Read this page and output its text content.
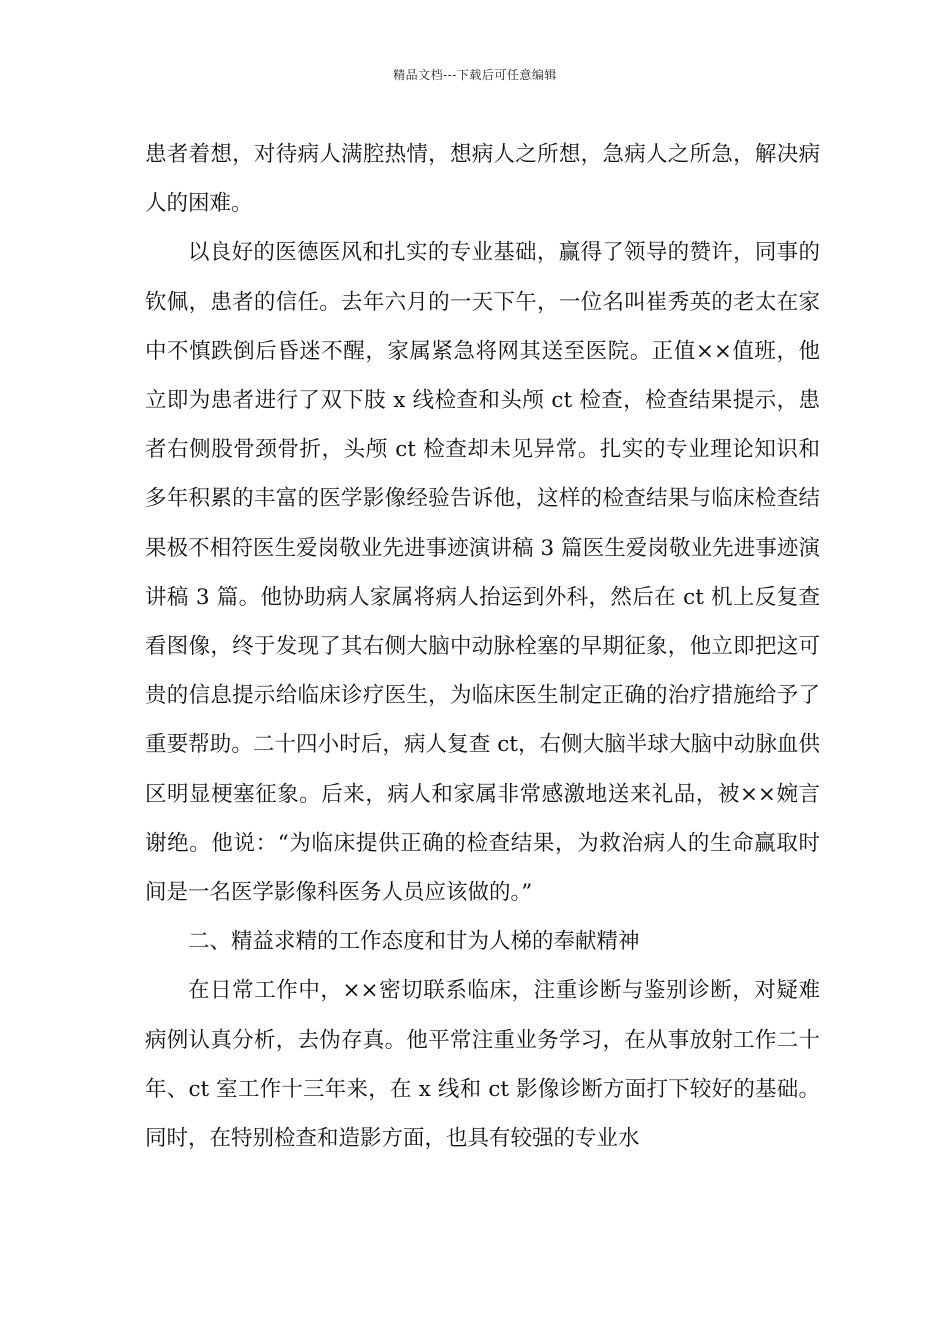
精品文档---下载后可任意编辑

患者着想，对待病人满腔热情，想病人之所想，急病人之所急，解决病人的困难。

以良好的医德医风和扎实的专业基础，赢得了领导的赞许，同事的钦佩，患者的信任。去年六月的一天下午，一位名叫崔秀英的老太在家中不慎跌倒后昏迷不醒，家属紧急将网其送至医院。正值××值班，他立即为患者进行了双下肢 x 线检查和头颅 ct 检查，检查结果提示，患者右侧股骨颈骨折，头颅 ct 检查却未见异常。扎实的专业理论知识和多年积累的丰富的医学影像经验告诉他，这样的检查结果与临床检查结果极不相符医生爱岗敬业先进事迹演讲稿 3 篇医生爱岗敬业先进事迹演讲稿 3 篇。他协助病人家属将病人抬运到外科，然后在 ct 机上反复查看图像，终于发现了其右侧大脑中动脉栓塞的早期征象，他立即把这可贵的信息提示给临床诊疗医生，为临床医生制定正确的治疗措施给予了重要帮助。二十四小时后，病人复查 ct，右侧大脑半球大脑中动脉血供区明显梗塞征象。后来，病人和家属非常感激地送来礼品，被××婉言谢绝。他说：“为临床提供正确的检查结果，为救治病人的生命赢取时间是一名医学影像科医务人员应该做的。”

二、精益求精的工作态度和甘为人梯的奉献精神

在日常工作中，××密切联系临床，注重诊断与鉴别诊断，对疑难病例认真分析，去伪存真。他平常注重业务学习，在从事放射工作二十年、ct 室工作十三年来，在 x 线和 ct 影像诊断方面打下较好的基础。同时，在特别检查和造影方面，也具有较强的专业水
